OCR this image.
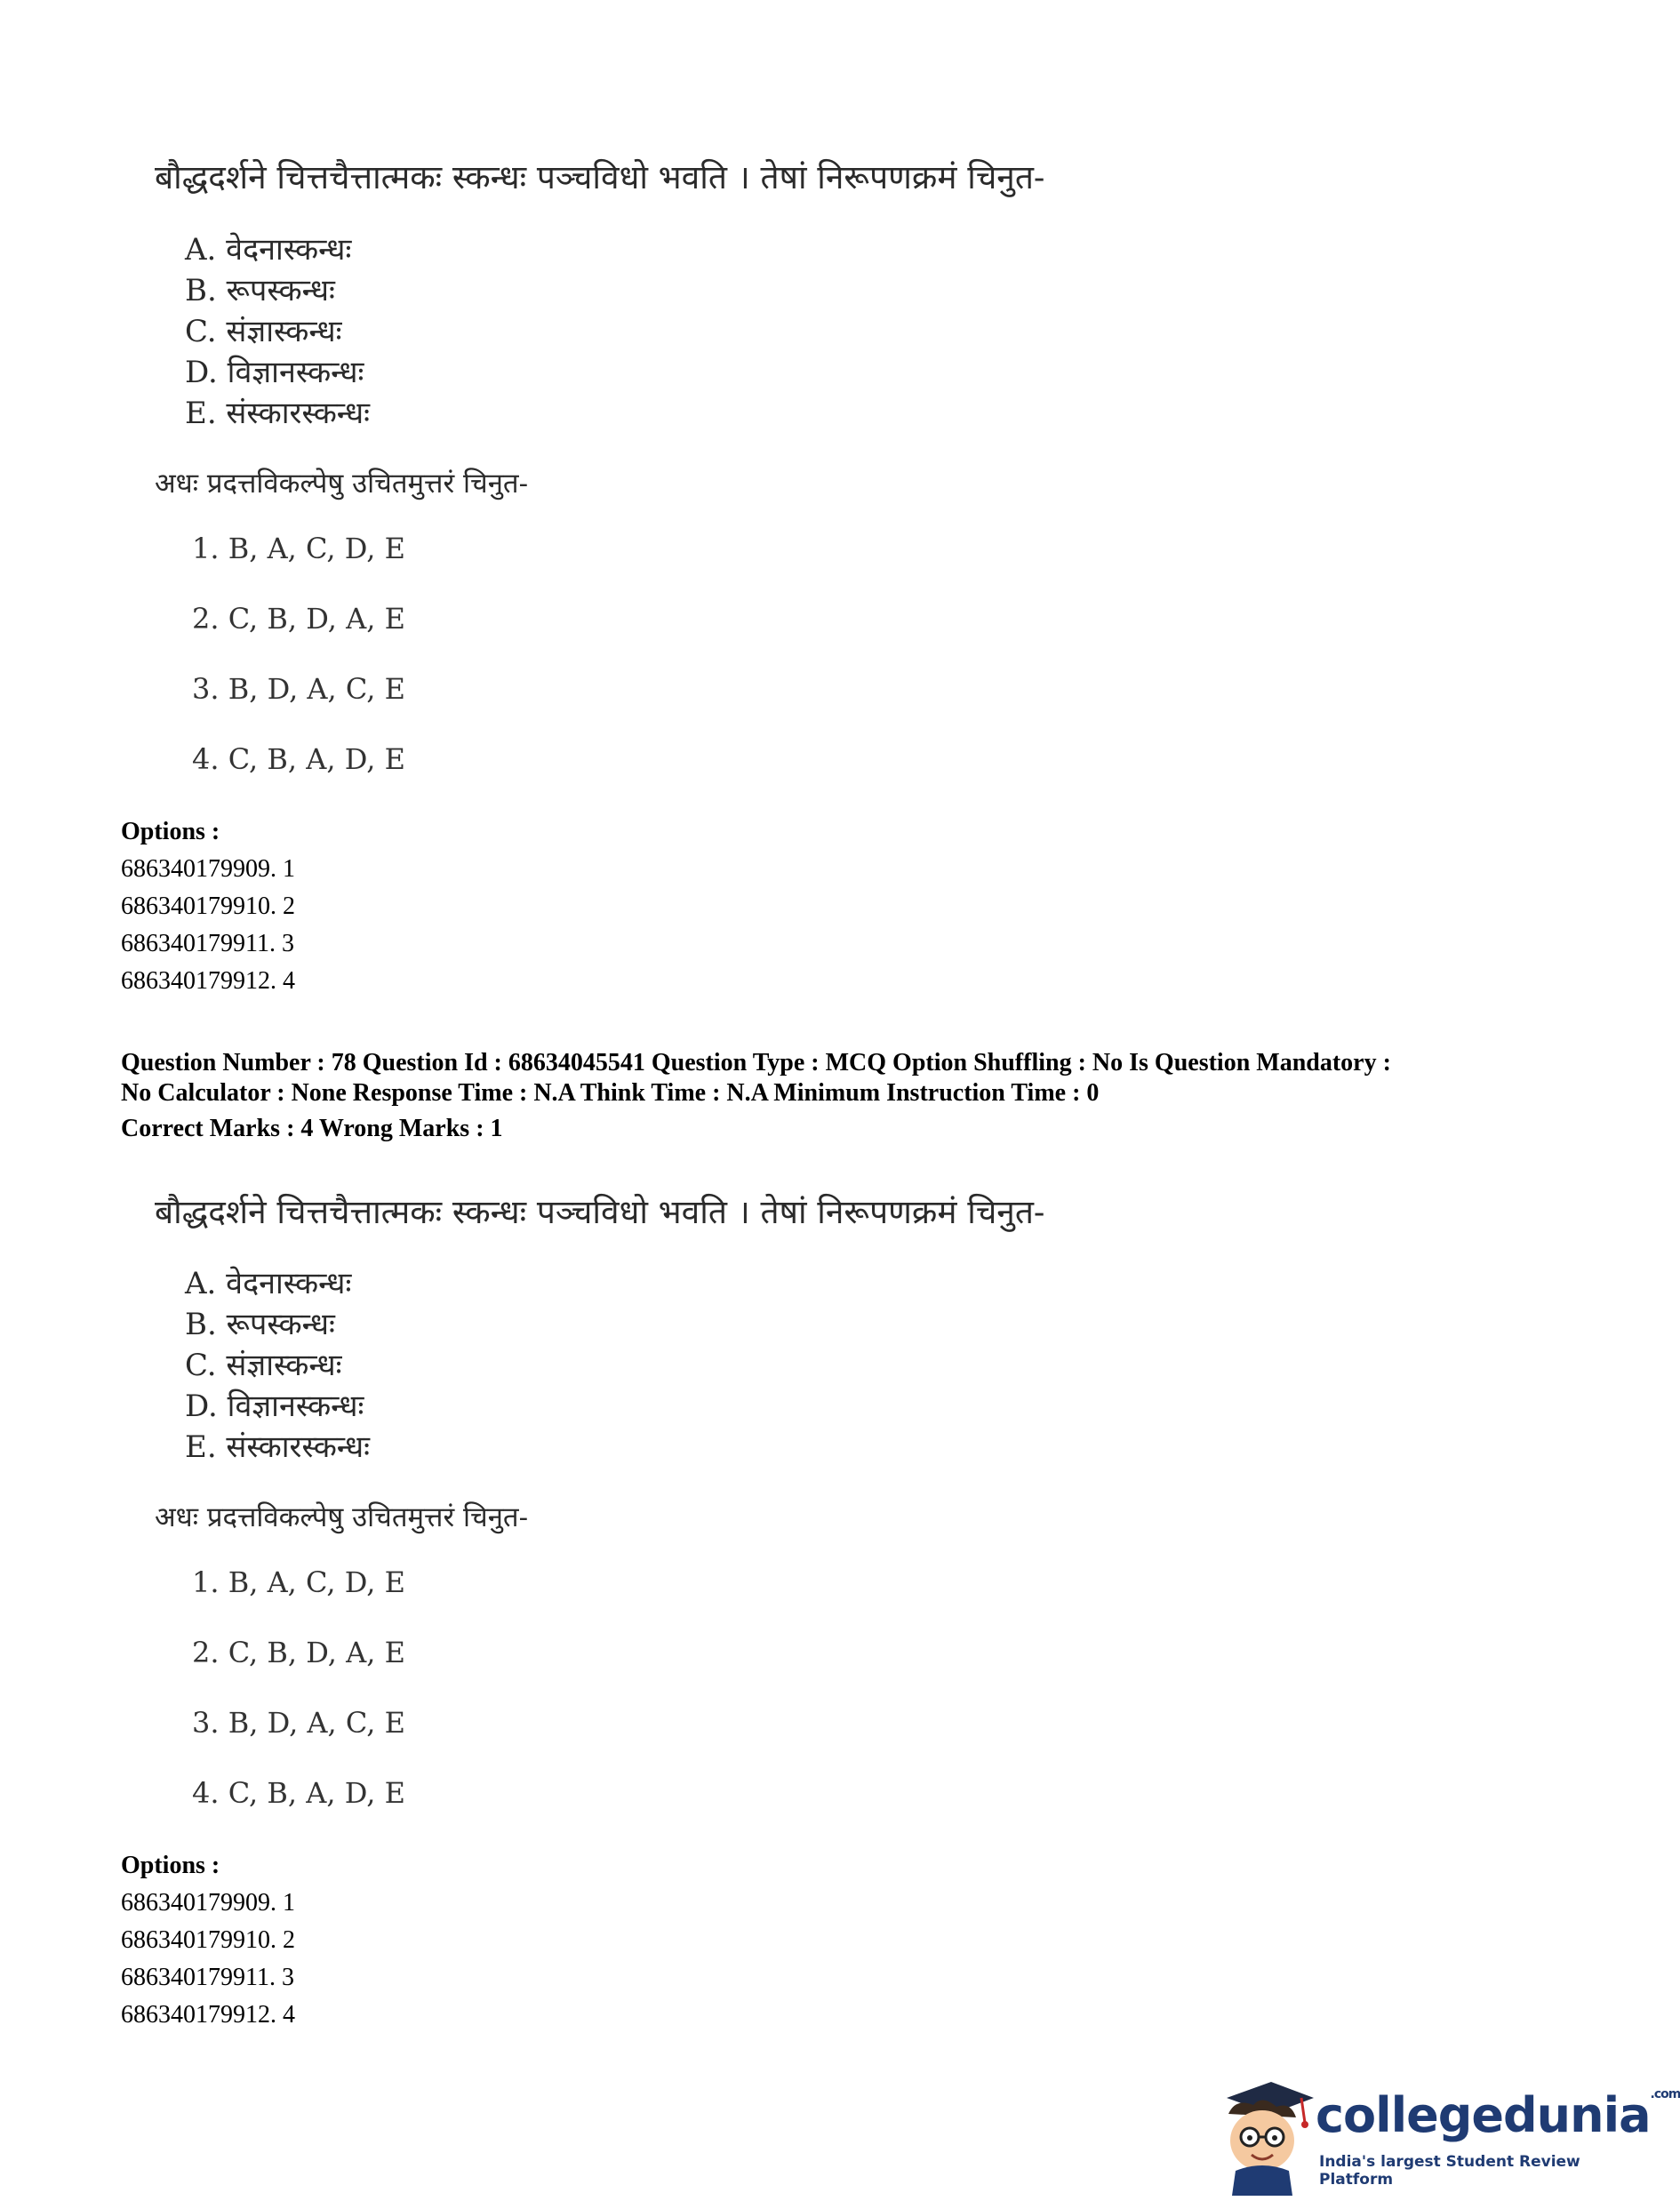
बौद्धदर्शने चित्तचैत्तात्मकः स्कन्धः पञ्चविधो भवति । तेषां निरूपणक्रमं चिनुत-
A. वेदनास्कन्धः
B. रूपस्कन्धः
C. संज्ञास्कन्धः
D. विज्ञानस्कन्धः
E. संस्कारस्कन्धः
अधः प्रदत्तविकल्पेषु उचितमुत्तरं चिनुत-
1. B, A, C, D, E
2. C, B, D, A, E
3. B, D, A, C, E
4. C, B, A, D, E
Options :
686340179909. 1
686340179910. 2
686340179911. 3
686340179912. 4
Question Number : 78 Question Id : 68634045541 Question Type : MCQ Option Shuffling : No Is Question Mandatory :
No Calculator : None Response Time : N.A Think Time : N.A Minimum Instruction Time : 0
Correct Marks : 4 Wrong Marks : 1
बौद्धदर्शने चित्तचैत्तात्मकः स्कन्धः पञ्चविधो भवति । तेषां निरूपणक्रमं चिनुत-
A. वेदनास्कन्धः
B. रूपस्कन्धः
C. संज्ञास्कन्धः
D. विज्ञानस्कन्धः
E. संस्कारस्कन्धः
अधः प्रदत्तविकल्पेषु उचितमुत्तरं चिनुत-
1. B, A, C, D, E
2. C, B, D, A, E
3. B, D, A, C, E
4. C, B, A, D, E
Options :
686340179909. 1
686340179910. 2
686340179911. 3
686340179912. 4
collegedunia$^{.com}$
India's largest Student Review Platform
